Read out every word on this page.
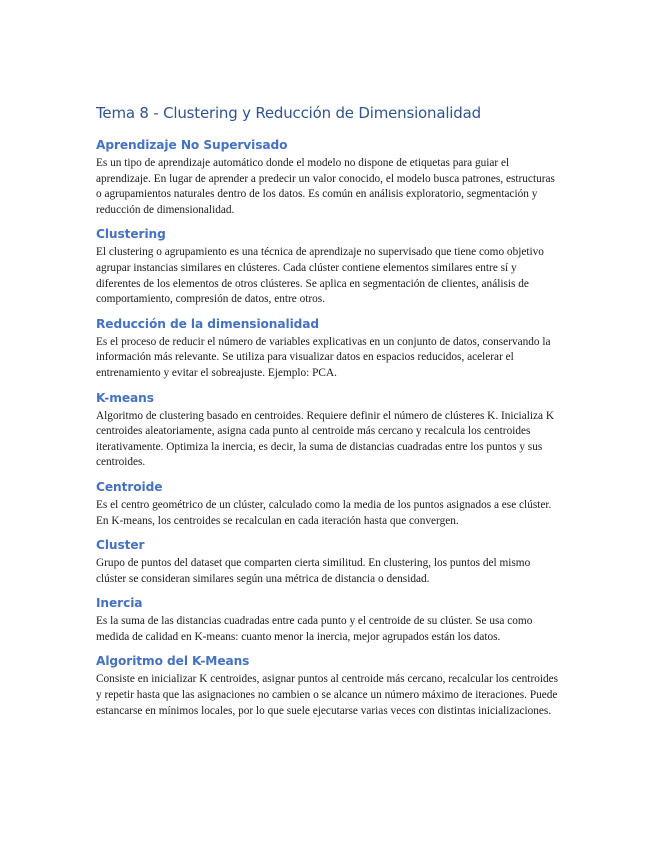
Tema 8 - Clustering y Reducción de Dimensionalidad
Aprendizaje No Supervisado

Es un tipo de aprendizaje automático donde el modelo no dispone de etiquetas para guiar el aprendizaje. En lugar de aprender a predecir un valor conocido, el modelo busca patrones, estructuras o agrupamientos naturales dentro de los datos. Es común en análisis exploratorio, segmentación y reducción de dimensionalidad.

Clustering

El clustering o agrupamiento es una técnica de aprendizaje no supervisado que tiene como objetivo agrupar instancias similares en clústeres. Cada clúster contiene elementos similares entre sí y diferentes de los elementos de otros clústeres. Se aplica en segmentación de clientes, análisis de comportamiento, compresión de datos, entre otros.

Reducción de la dimensionalidad

Es el proceso de reducir el número de variables explicativas en un conjunto de datos, conservando la información más relevante. Se utiliza para visualizar datos en espacios reducidos, acelerar el entrenamiento y evitar el sobreajuste. Ejemplo: PCA.

K-means

Algoritmo de clustering basado en centroides. Requiere definir el número de clústeres K. Inicializa K centroides aleatoriamente, asigna cada punto al centroide más cercano y recalcula los centroides iterativamente. Optimiza la inercia, es decir, la suma de distancias cuadradas entre los puntos y sus centroides.

Centroide

Es el centro geométrico de un clúster, calculado como la media de los puntos asignados a ese clúster. En K-means, los centroides se recalculan en cada iteración hasta que convergen.

Cluster

Grupo de puntos del dataset que comparten cierta similitud. En clustering, los puntos del mismo clúster se consideran similares según una métrica de distancia o densidad.

Inercia

Es la suma de las distancias cuadradas entre cada punto y el centroide de su clúster. Se usa como medida de calidad en K-means: cuanto menor la inercia, mejor agrupados están los datos.

Algoritmo del K-Means

Consiste en inicializar K centroides, asignar puntos al centroide más cercano, recalcular los centroides y repetir hasta que las asignaciones no cambien o se alcance un número máximo de iteraciones. Puede estancarse en mínimos locales, por lo que suele ejecutarse varias veces con distintas inicializaciones.
